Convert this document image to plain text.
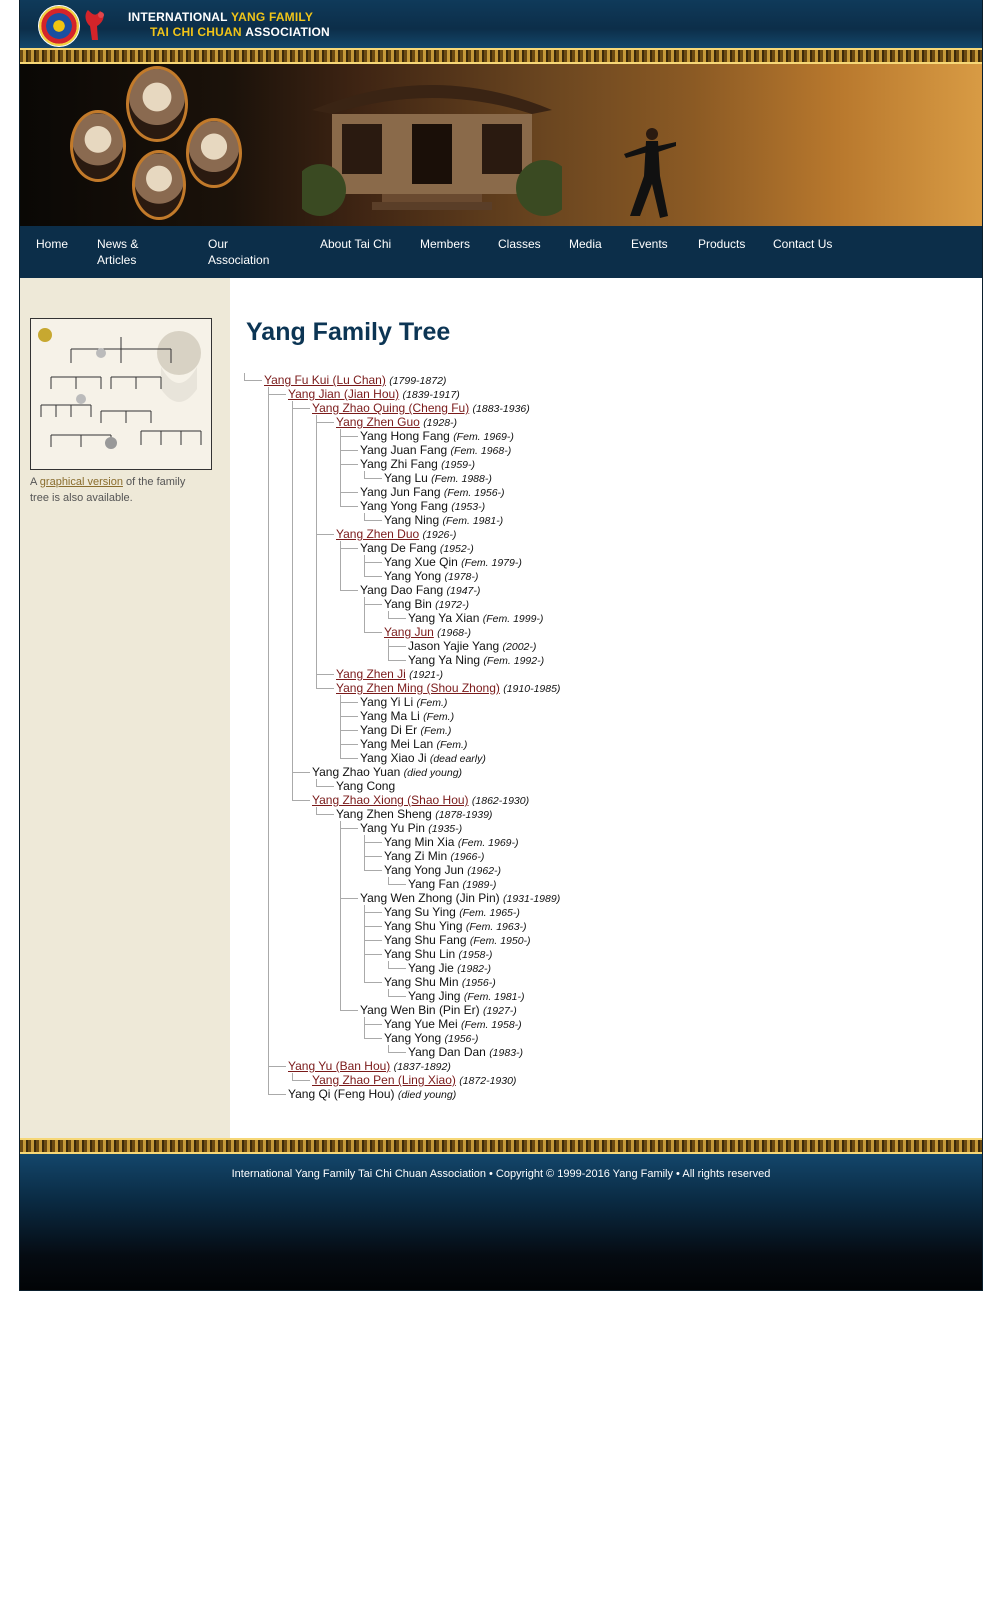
INTERNATIONAL YANG FAMILY
TAI CHI CHUAN ASSOCIATION
Home News & Articles
Our Association
About Tai Chi Members Classes Media Events	Products Contact Us
A graphical version of the family tree is also available.
Yang Family Tree
Yang Fu Kui (Lu Chan) (1799-1872)
Yang Jian (Jian Hou) (1839-1917)
Yang Zhao Quing (Cheng Fu) (1883-1936)
Yang Zhen Guo (1928-)
Yang Hong Fang (Fem. 1969-)
Yang Juan Fang (Fem. 1968-)
Yang Zhi Fang (1959-)
Yang Lu (Fem. 1988-)
Yang Jun Fang (Fem. 1956-)
Yang Yong Fang (1953-)
Yang Ning (Fem. 1981-)
Yang Zhen Duo (1926-)
Yang De Fang (1952-)
Yang Xue Qin (Fem. 1979-)
Yang Yong (1978-)
Yang Dao Fang (1947-)
Yang Bin (1972-)
Yang Ya Xian (Fem. 1999-)
Yang Jun (1968-)
Jason Yajie Yang (2002-)
Yang Ya Ning (Fem. 1992-)
Yang Zhen Ji (1921-)
Yang Zhen Ming (Shou Zhong) (1910-1985)
Yang Yi Li (Fem.)
Yang Ma Li (Fem.)
Yang Di Er (Fem.)
Yang Mei Lan (Fem.)
Yang Xiao Ji (dead early)
Yang Zhao Yuan (died young)
Yang Cong
Yang Zhao Xiong (Shao Hou) (1862-1930)
Yang Zhen Sheng (1878-1939)
Yang Yu Pin (1935-)
Yang Min Xia (Fem. 1969-)
Yang Zi Min (1966-)
Yang Yong Jun (1962-)
Yang Fan (1989-)
Yang Wen Zhong (Jin Pin) (1931-1989)
Yang Su Ying (Fem. 1965-)
Yang Shu Ying (Fem. 1963-)
Yang Shu Fang (Fem. 1950-)
Yang Shu Lin (1958-)
Yang Jie (1982-)
Yang Shu Min (1956-)
Yang Jing (Fem. 1981-)
Yang Wen Bin (Pin Er) (1927-)
Yang Yue Mei (Fem. 1958-)
Yang Yong (1956-)
Yang Dan Dan (1983-)
Yang Yu (Ban Hou) (1837-1892)
Yang Zhao Pen (Ling Xiao) (1872-1930)
Yang Qi (Feng Hou) (died young)
International Yang Family Tai Chi Chuan Association • Copyright © 1999-2016 Yang Family • All rights reserved
